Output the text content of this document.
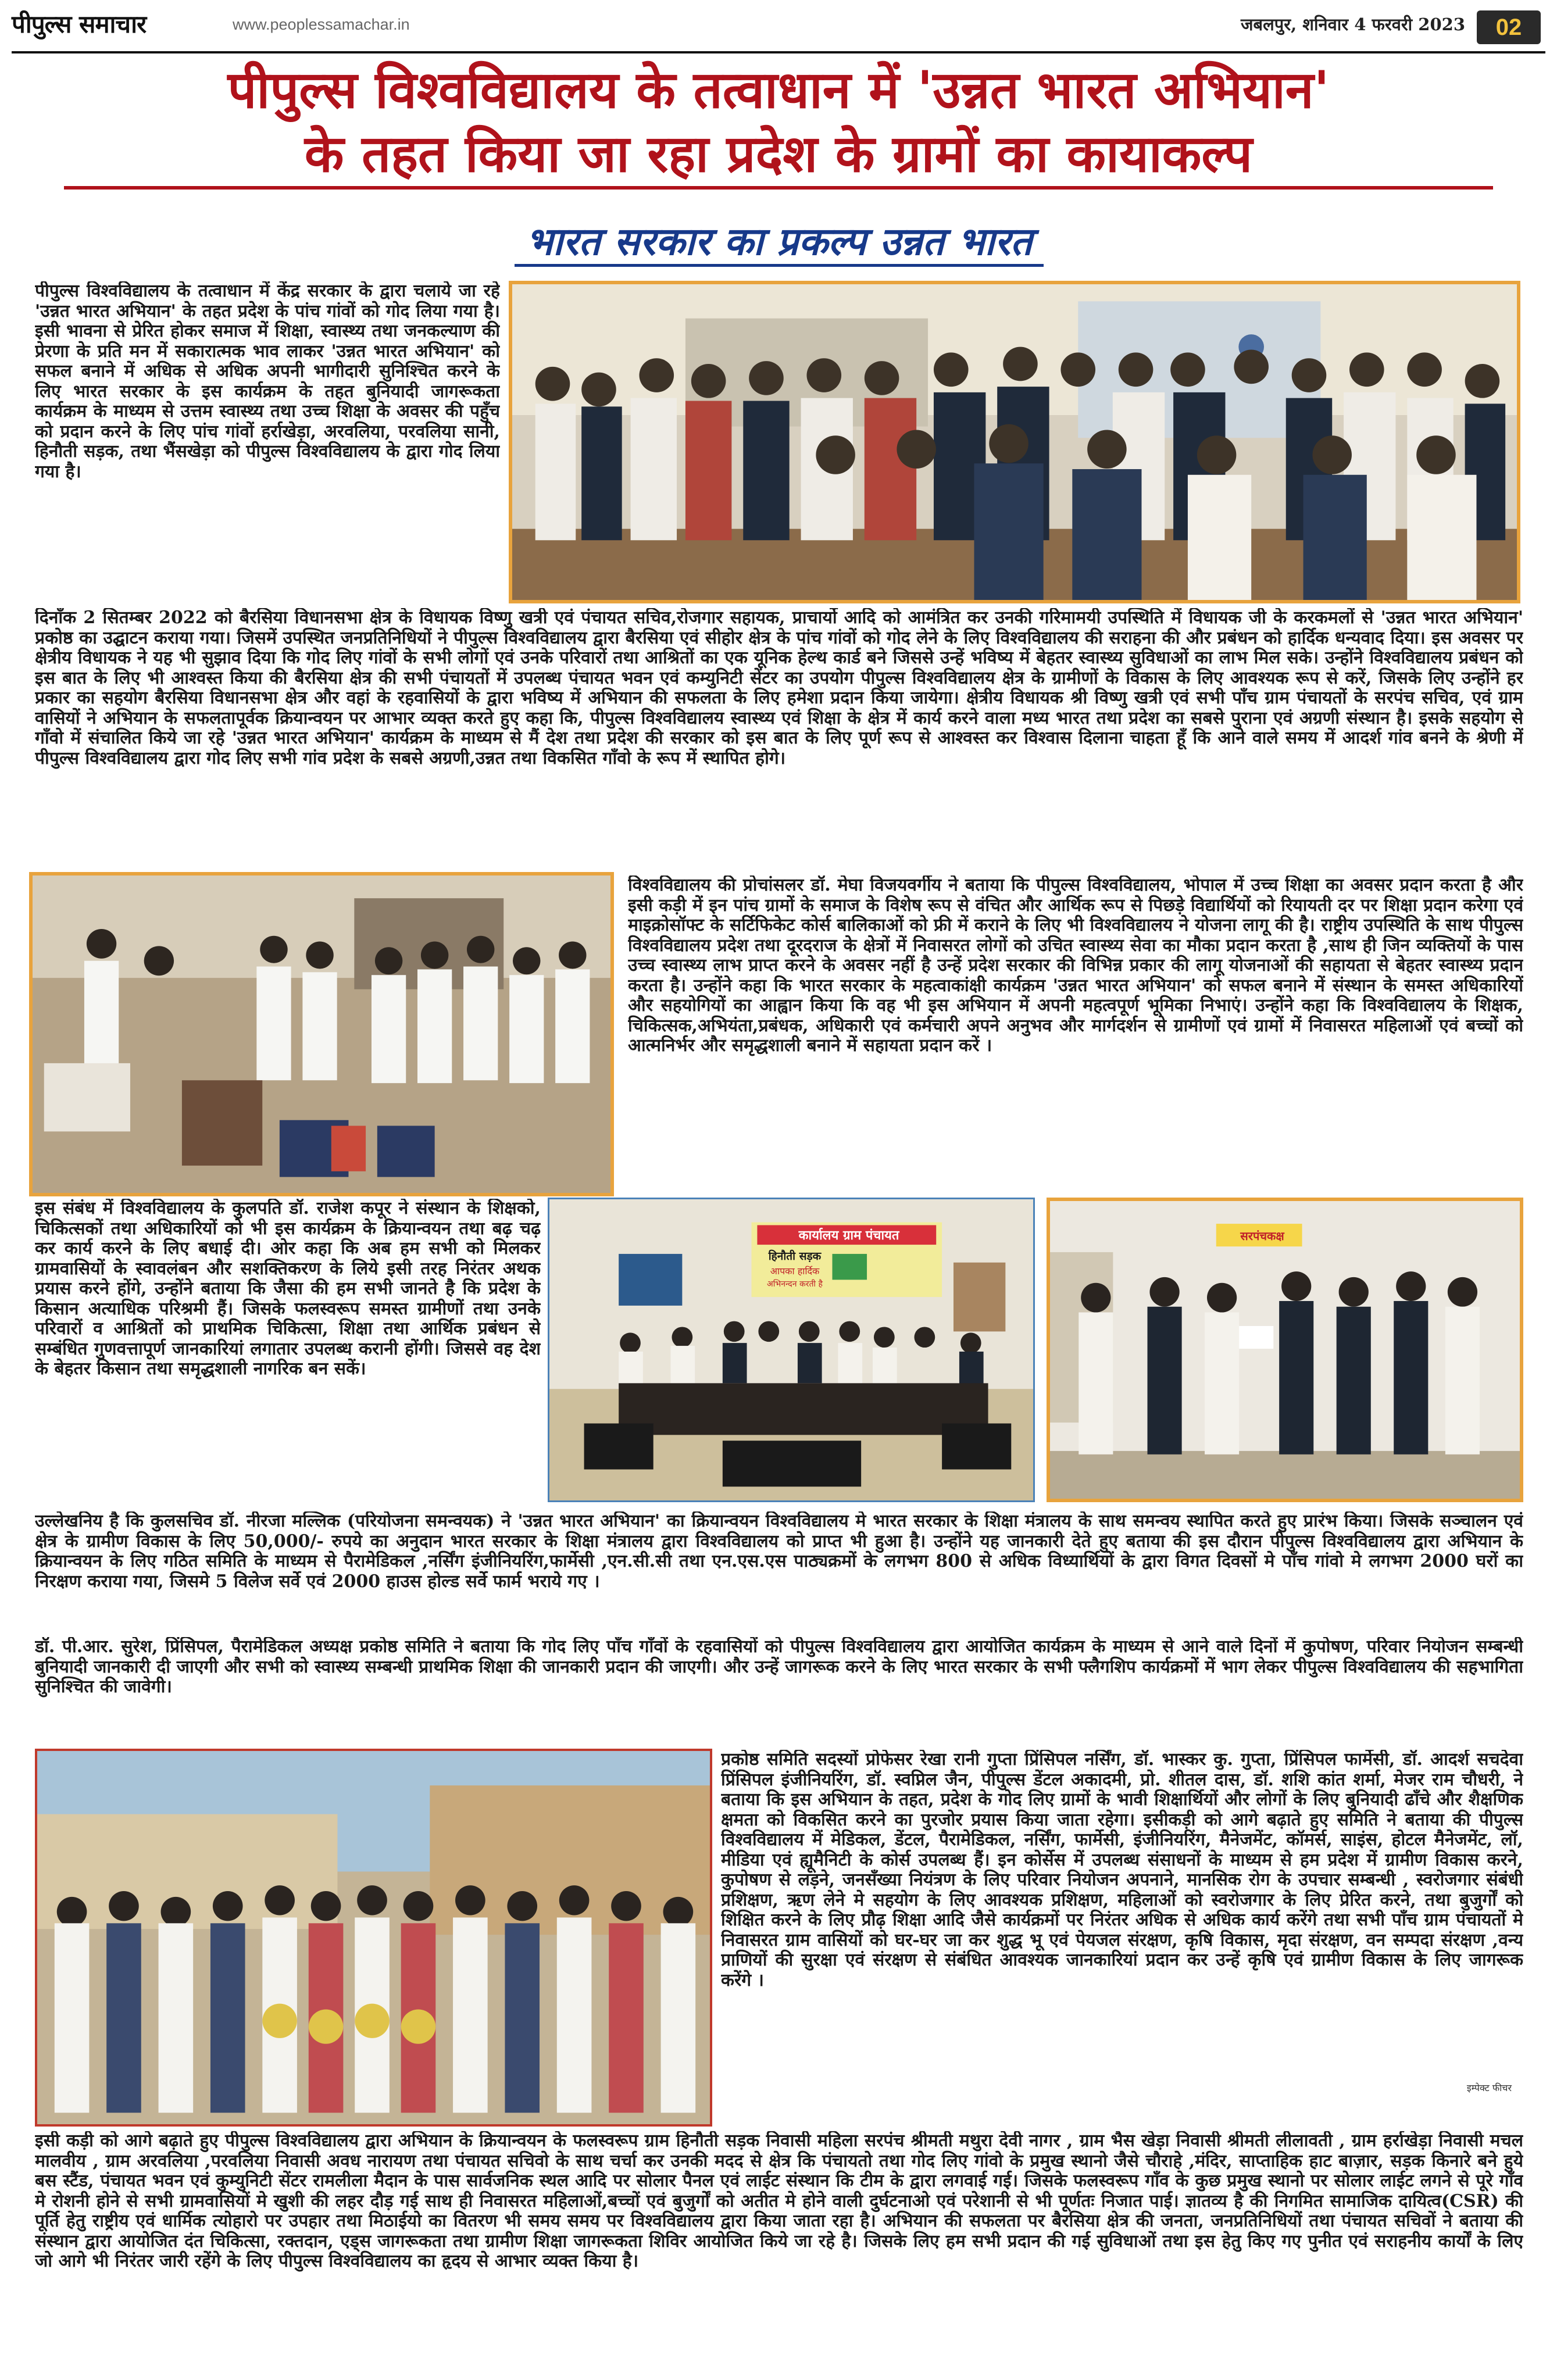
पीपुल्स समाचार	www.peoplessamachar.in	जबलपुर, शनिवार 4 फरवरी 2023	02
पीपुल्स विश्वविद्यालय के तत्वाधान में 'उन्नत भारत अभियान'
के तहत किया जा रहा प्रदेश के ग्रामों का कायाकल्प
भारत सरकार का प्रकल्प उन्नत भारत
पीपुल्स विश्वविद्यालय के तत्वाधान में केंद्र सरकार के द्वारा चलाये जा रहे 'उन्नत भारत अभियान' के तहत प्रदेश के पांच गांवों को गोद लिया गया है। इसी भावना से प्रेरित होकर समाज में शिक्षा, स्वास्थ्य तथा जनकल्याण की प्रेरणा के प्रति मन में सकारात्मक भाव लाकर 'उन्नत भारत अभियान' को सफल बनाने में अधिक से अधिक अपनी भागीदारी सुनिश्चित करने के लिए भारत सरकार के इस कार्यक्रम के तहत बुनियादी जागरूकता कार्यक्रम के माध्यम से उत्तम स्वास्थ्य तथा उच्च शिक्षा के अवसर की पहुँच को प्रदान करने के लिए पांच गांवों हर्राखेड़ा, अरवलिया, परवलिया सानी, हिनौती सड़क, तथा भैंसखेड़ा को पीपुल्स विश्वविद्यालय के द्वारा गोद लिया गया है।
दिनाँक 2 सितम्बर 2022 को बैरसिया विधानसभा क्षेत्र के विधायक विष्णु खत्री एवं पंचायत सचिव,रोजगार सहायक, प्राचार्यो आदि को आमंत्रित कर उनकी गरिमामयी उपस्थिति में विधायक जी के करकमलों से 'उन्नत भारत अभियान' प्रकोष्ठ का उद्घाटन कराया गया। जिसमें उपस्थित जनप्रतिनिधियों ने पीपुल्स विश्वविद्यालय द्वारा बैरसिया एवं सीहोर क्षेत्र के पांच गांवों को गोद लेने के लिए विश्वविद्यालय की सराहना की और प्रबंधन को हार्दिक धन्यवाद दिया। इस अवसर पर क्षेत्रीय विधायक ने यह भी सुझाव दिया कि गोद लिए गांवों के सभी लोगों एवं उनके परिवारों तथा आश्रितों का एक यूनिक हेल्थ कार्ड बने जिससे उन्हें भविष्य में बेहतर स्वास्थ्य सुविधाओं का लाभ मिल सके। उन्होंने विश्वविद्यालय प्रबंधन को इस बात के लिए भी आश्वस्त किया की बैरसिया क्षेत्र की सभी पंचायतों में उपलब्ध पंचायत भवन एवं कम्युनिटी सेंटर का उपयोग पीपुल्स विश्वविद्यालय क्षेत्र के ग्रामीणों के विकास के लिए आवश्यक रूप से करें, जिसके लिए उन्होंने हर प्रकार का सहयोग बैरसिया विधानसभा क्षेत्र और वहां के रहवासियों के द्वारा भविष्य में अभियान की सफलता के लिए हमेशा प्रदान किया जायेगा। क्षेत्रीय विधायक श्री विष्णु खत्री एवं सभी पाँच ग्राम पंचायतों के सरपंच सचिव, एवं ग्राम वासियों ने अभियान के सफलतापूर्वक क्रियान्वयन पर आभार व्यक्त करते हुए कहा कि, पीपुल्स विश्वविद्यालय स्वास्थ्य एवं शिक्षा के क्षेत्र में कार्य करने वाला मध्य भारत तथा प्रदेश का सबसे पुराना एवं अग्रणी संस्थान है। इसके सहयोग से गाँवो में संचालित किये जा रहे 'उन्नत भारत अभियान' कार्यक्रम के माध्यम से मैं देश तथा प्रदेश की सरकार को इस बात के लिए पूर्ण रूप से आश्वस्त कर विश्वास दिलाना चाहता हूँ कि आने वाले समय में आदर्श गांव बनने के श्रेणी में पीपुल्स विश्वविद्यालय द्वारा गोद लिए सभी गांव प्रदेश के सबसे अग्रणी,उन्नत तथा विकसित गाँवो के रूप में स्थापित होगे।
विश्वविद्यालय की प्रोचांसलर डॉ. मेघा विजयवर्गीय ने बताया कि पीपुल्स विश्वविद्यालय, भोपाल में उच्च शिक्षा का अवसर प्रदान करता है और इसी कड़ी में इन पांच ग्रामों के समाज के विशेष रूप से वंचित और आर्थिक रूप से पिछड़े विद्यार्थियों को रियायती दर पर शिक्षा प्रदान करेगा एवं माइक्रोसॉफ्ट के सर्टिफिकेट कोर्स बालिकाओं को फ्री में कराने के लिए भी विश्वविद्यालय ने योजना लागू की है। राष्ट्रीय उपस्थिति के साथ पीपुल्स विश्वविद्यालय प्रदेश तथा दूरदराज के क्षेत्रों में निवासरत लोगों को उचित स्वास्थ्य सेवा का मौका प्रदान करता है ,साथ ही जिन व्यक्तियों के पास उच्च स्वास्थ्य लाभ प्राप्त करने के अवसर नहीं है उन्हें प्रदेश सरकार की विभिन्न प्रकार की लागू योजनाओं की सहायता से बेहतर स्वास्थ्य प्रदान करता है। उन्होंने कहा कि भारत सरकार के महत्वाकांक्षी कार्यक्रम 'उन्नत भारत अभियान' को सफल बनाने में संस्थान के समस्त अधिकारियों और सहयोगियों का आह्वान किया कि वह भी इस अभियान में अपनी महत्वपूर्ण भूमिका निभाएं। उन्होंने कहा कि विश्वविद्यालय के शिक्षक, चिकित्सक,अभियंता,प्रबंधक, अधिकारी एवं कर्मचारी अपने अनुभव और मार्गदर्शन से ग्रामीणों एवं ग्रामों में निवासरत महिलाओं एवं बच्चों को आत्मनिर्भर और समृद्धशाली बनाने में सहायता प्रदान करें ।
इस संबंध में विश्वविद्यालय के कुलपति डॉ. राजेश कपूर ने संस्थान के शिक्षको, चिकित्सकों तथा अधिकारियों को भी इस कार्यक्रम के क्रियान्वयन तथा बढ़ चढ़ कर कार्य करने के लिए बधाई दी। ओर कहा कि अब हम सभी को मिलकर ग्रामवासियों के स्वावलंबन और सशक्तिकरण के लिये इसी तरह निरंतर अथक प्रयास करने होंगे, उन्होंने बताया कि जैसा की हम सभी जानते है कि प्रदेश के किसान अत्याधिक परिश्रमी हैं। जिसके फलस्वरूप समस्त ग्रामीणों तथा उनके परिवारों व आश्रितों को प्राथमिक चिकित्सा, शिक्षा तथा आर्थिक प्रबंधन से सम्बंधित गुणवत्तापूर्ण जानकारियां लगातार उपलब्ध करानी होंगी। जिससे वह देश के बेहतर किसान तथा समृद्धशाली नागरिक बन सकें।
कार्यालय ग्राम पंचायत
हिनौती सड़क
आपका हार्दिक
अभिनन्दन करती है
सरपंचकक्ष
उल्लेखनिय है कि कुलसचिव डॉ. नीरजा मल्लिक (परियोजना समन्वयक) ने 'उन्नत भारत अभियान' का क्रियान्वयन विश्वविद्यालय मे भारत सरकार के शिक्षा मंत्रालय के साथ समन्वय स्थापित करते हुए प्रारंभ किया। जिसके सञ्चालन एवं क्षेत्र के ग्रामीण विकास के लिए 50,000/- रुपये का अनुदान भारत सरकार के शिक्षा मंत्रालय द्वारा विश्वविद्यालय को प्राप्त भी हुआ है। उन्होंने यह जानकारी देते हुए बताया की इस दौरान पीपुल्स विश्वविद्यालय द्वारा अभियान के क्रियान्वयन के लिए गठित समिति के माध्यम से पैरामेडिकल ,नर्सिंग इंजीनियरिंग,फार्मेसी ,एन.सी.सी तथा एन.एस.एस पाठ्यक्रमों के लगभग 800 से अधिक विध्यार्थियों के द्वारा विगत दिवसों मे पाँच गांवो मे लगभग 2000 घरों का निरक्षण कराया गया, जिसमे 5 विलेज सर्वे एवं 2000 हाउस होल्ड सर्वे फार्म भराये गए ।
डॉ. पी.आर. सुरेश, प्रिंसिपल, पैरामेडिकल अध्यक्ष प्रकोष्ठ समिति ने बताया कि गोद लिए पाँच गाँवों के रहवासियों को पीपुल्स विश्वविद्यालय द्वारा आयोजित कार्यक्रम के माध्यम से आने वाले दिनों में कुपोषण, परिवार नियोजन सम्बन्धी बुनियादी जानकारी दी जाएगी और सभी को स्वास्थ्य सम्बन्धी प्राथमिक शिक्षा की जानकारी प्रदान की जाएगी। और उन्हें जागरूक करने के लिए भारत सरकार के सभी फ्लैगशिप कार्यक्रमों में भाग लेकर पीपुल्स विश्वविद्यालय की सहभागिता सुनिश्चित की जावेगी।
प्रकोष्ठ समिति सदस्यों प्रोफेसर रेखा रानी गुप्ता प्रिंसिपल नर्सिंग, डॉ. भास्कर कु. गुप्ता, प्रिंसिपल फार्मेसी, डॉ. आदर्श सचदेवा प्रिंसिपल इंजीनियरिंग, डॉ. स्वप्निल जैन, पीपुल्स डेंटल अकादमी, प्रो. शीतल दास, डॉ. शशि कांत शर्मा, मेजर राम चौधरी, ने बताया कि इस अभियान के तहत, प्रदेश के गोद लिए ग्रामों के भावी शिक्षार्थियों और लोगों के लिए बुनियादी ढाँचे और शैक्षणिक क्षमता को विकसित करने का पुरजोर प्रयास किया जाता रहेगा। इसीकड़ी को आगे बढ़ाते हुए समिति ने बताया की पीपुल्स विश्वविद्यालय में मेडिकल, डेंटल, पैरामेडिकल, नर्सिंग, फार्मेसी, इंजीनियरिंग, मैनेजमेंट, कॉमर्स, साइंस, होटल मैनेजमेंट, लॉ, मीडिया एवं ह्यूमैनिटी के कोर्स उपलब्ध हैं। इन कोर्सेस में उपलब्ध संसाधनों के माध्यम से हम प्रदेश में ग्रामीण विकास करने, कुपोषण से लड़ने, जनसँख्या नियंत्रण के लिए परिवार नियोजन अपनाने, मानसिक रोग के उपचार सम्बन्धी , स्वरोजगार संबंधी प्रशिक्षण, ऋण लेने मे सहयोग के लिए आवश्यक प्रशिक्षण, महिलाओं को स्वरोजगार के लिए प्रेरित करने, तथा बुजुर्गों को शिक्षित करने के लिए प्रौढ़ शिक्षा आदि जैसे कार्यक्रमों पर निरंतर अधिक से अधिक कार्य करेंगे तथा सभी पाँच ग्राम पंचायतों मे निवासरत ग्राम वासियों को घर-घर जा कर शुद्ध भू एवं पेयजल संरक्षण, कृषि विकास, मृदा संरक्षण, वन सम्पदा संरक्षण ,वन्य प्राणियों की सुरक्षा एवं संरक्षण से संबंधित आवश्यक जानकारियां प्रदान कर उन्हें कृषि एवं ग्रामीण विकास के लिए जागरूक करेंगे ।
इसी कड़ी को आगे बढ़ाते हुए पीपुल्स विश्वविद्यालय द्वारा अभियान के क्रियान्वयन के फलस्वरूप ग्राम हिनौती सड़क निवासी महिला सरपंच श्रीमती मथुरा देवी नागर , ग्राम भैस खेड़ा निवासी श्रीमती लीलावती , ग्राम हर्राखेड़ा निवासी मचल मालवीय , ग्राम अरवलिया ,परवलिया निवासी अवध नारायण तथा पंचायत सचिवो के साथ चर्चा कर उनकी मदद से क्षेत्र कि पंचायतो तथा गोद लिए गांवो के प्रमुख स्थानो जैसे चौराहे ,मंदिर, साप्ताहिक हाट बाज़ार, सड़क किनारे बने हुये बस स्टैंड, पंचायत भवन एवं कुम्युनिटी सेंटर रामलीला मैदान के पास सार्वजनिक स्थल आदि पर सोलार पैनल एवं लाईट संस्थान कि टीम के द्वारा लगवाई गई। जिसके फलस्वरूप गाँव के कुछ प्रमुख स्थानो पर सोलार लाईट लगने से पूरे गाँव मे रोशनी होने से सभी ग्रामवासियों मे खुशी की लहर दौड़ गई साथ ही निवासरत महिलाओं,बच्चों एवं बुजुर्गों को अतीत मे होने वाली दुर्घटनाओ एवं परेशानी से भी पूर्णतः निजात पाई। ज्ञातव्य है की निगमित सामाजिक दायित्व(CSR) की पूर्ति हेतु राष्ट्रीय एवं धार्मिक त्योहारो पर उपहार तथा मिठाईयो का वितरण भी समय समय पर विश्वविद्यालय द्वारा किया जाता रहा है। अभियान की सफलता पर बैरसिया क्षेत्र की जनता, जनप्रतिनिधियों तथा पंचायत सचिवों ने बताया की संस्थान द्वारा आयोजित दंत चिकित्सा, रक्तदान, एड्स जागरूकता तथा ग्रामीण शिक्षा जागरूकता शिविर आयोजित किये जा रहे है। जिसके लिए हम सभी प्रदान की गई सुविधाओं तथा इस हेतु किए गए पुनीत एवं सराहनीय कार्यों के लिए जो आगे भी निरंतर जारी रहेंगे के लिए पीपुल्स विश्वविद्यालय का हृदय से आभार व्यक्त किया है।
इम्पेक्ट फीचर
